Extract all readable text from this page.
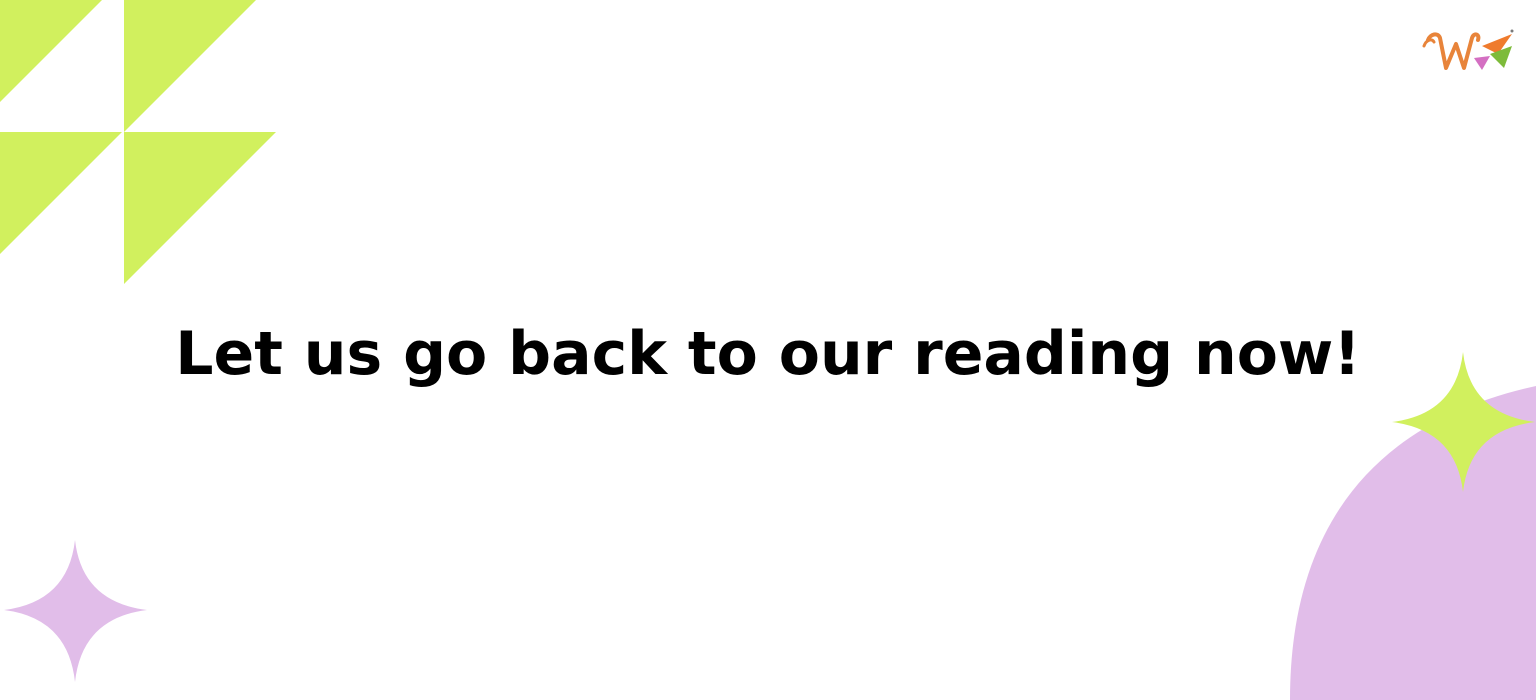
Let us go back to our reading now!
